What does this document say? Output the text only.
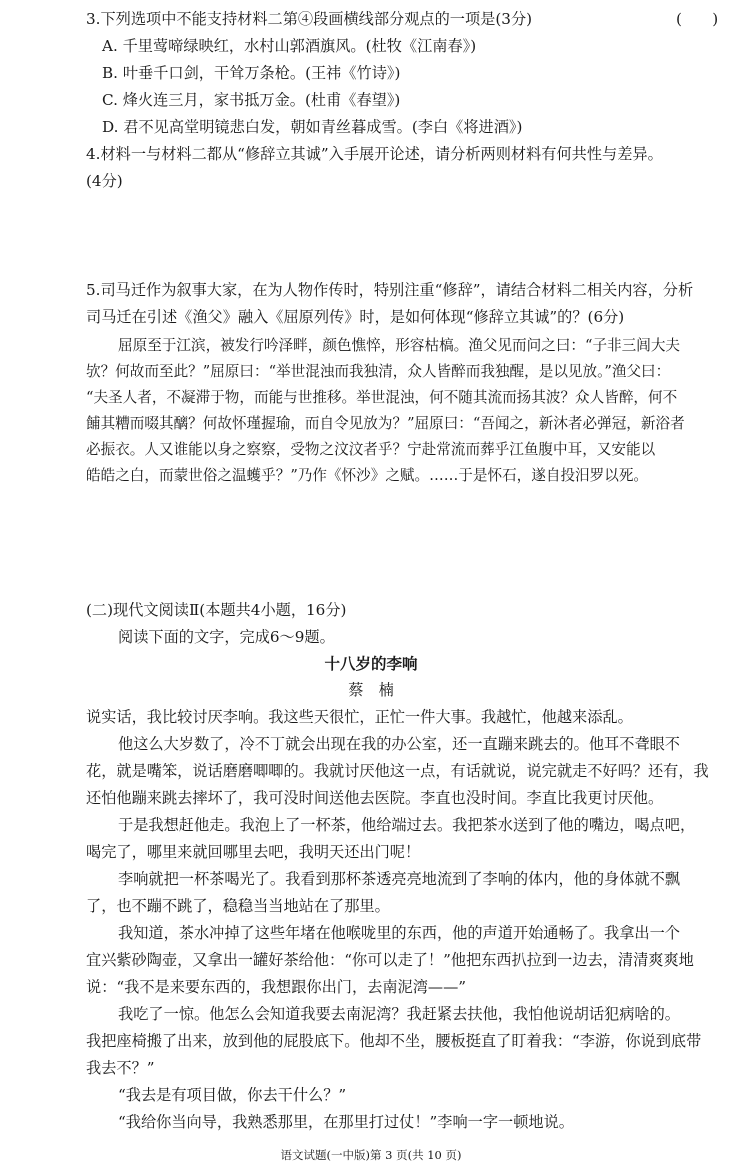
3.下列选项中不能支持材料二第④段画横线部分观点的一项是(3分)	(　　)
A. 千里莺啼绿映红，水村山郭酒旗风。(杜牧《江南春》)
B. 叶垂千口剑，干耸万条枪。(王祎《竹诗》)
C. 烽火连三月，家书抵万金。(杜甫《春望》)
D. 君不见高堂明镜悲白发，朝如青丝暮成雪。(李白《将进酒》)
4.材料一与材料二都从“修辞立其诚”入手展开论述，请分析两则材料有何共性与差异。
(4分)
5.司马迁作为叙事大家，在为人物作传时，特别注重“修辞”，请结合材料二相关内容，分析
司马迁在引述《渔父》融入《屈原列传》时，是如何体现“修辞立其诚”的？(6分)
屈原至于江滨，被发行吟泽畔，颜色憔悴，形容枯槁。渔父见而问之曰：“子非三闾大夫
欤？何故而至此？”屈原曰：“举世混浊而我独清，众人皆醉而我独醒，是以见放。”渔父曰：
“夫圣人者，不凝滞于物，而能与世推移。举世混浊，何不随其流而扬其波？众人皆醉，何不
餔其糟而啜其醨？何故怀瑾握瑜，而自令见放为？”屈原曰：“吾闻之，新沐者必弹冠，新浴者
必振衣。人又谁能以身之察察，受物之汶汶者乎？宁赴常流而葬乎江鱼腹中耳，又安能以
皓皓之白，而蒙世俗之温蠖乎？”乃作《怀沙》之赋。……于是怀石，遂自投汨罗以死。
(二)现代文阅读Ⅱ(本题共4小题，16分)
阅读下面的文字，完成6～9题。
十八岁的李响
蔡　楠
说实话，我比较讨厌李响。我这些天很忙，正忙一件大事。我越忙，他越来添乱。
他这么大岁数了，冷不丁就会出现在我的办公室，还一直蹦来跳去的。他耳不聋眼不
花，就是嘴笨，说话磨磨唧唧的。我就讨厌他这一点，有话就说，说完就走不好吗？还有，我
还怕他蹦来跳去摔坏了，我可没时间送他去医院。李直也没时间。李直比我更讨厌他。
于是我想赶他走。我泡上了一杯茶，他给端过去。我把茶水送到了他的嘴边，喝点吧，
喝完了，哪里来就回哪里去吧，我明天还出门呢！
李响就把一杯茶喝光了。我看到那杯茶透亮亮地流到了李响的体内，他的身体就不飘
了，也不蹦不跳了，稳稳当当地站在了那里。
我知道，茶水冲掉了这些年堵在他喉咙里的东西，他的声道开始通畅了。我拿出一个
宜兴紫砂陶壶，又拿出一罐好茶给他：“你可以走了！”他把东西扒拉到一边去，清清爽爽地
说：“我不是来要东西的，我想跟你出门，去南泥湾——”
我吃了一惊。他怎么会知道我要去南泥湾？我赶紧去扶他，我怕他说胡话犯病啥的。
我把座椅搬了出来，放到他的屁股底下。他却不坐，腰板挺直了盯着我：“李游，你说到底带
我去不？”
“我去是有项目做，你去干什么？”
“我给你当向导，我熟悉那里，在那里打过仗！”李响一字一顿地说。
语文试题(一中版)第 3 页(共 10 页)
